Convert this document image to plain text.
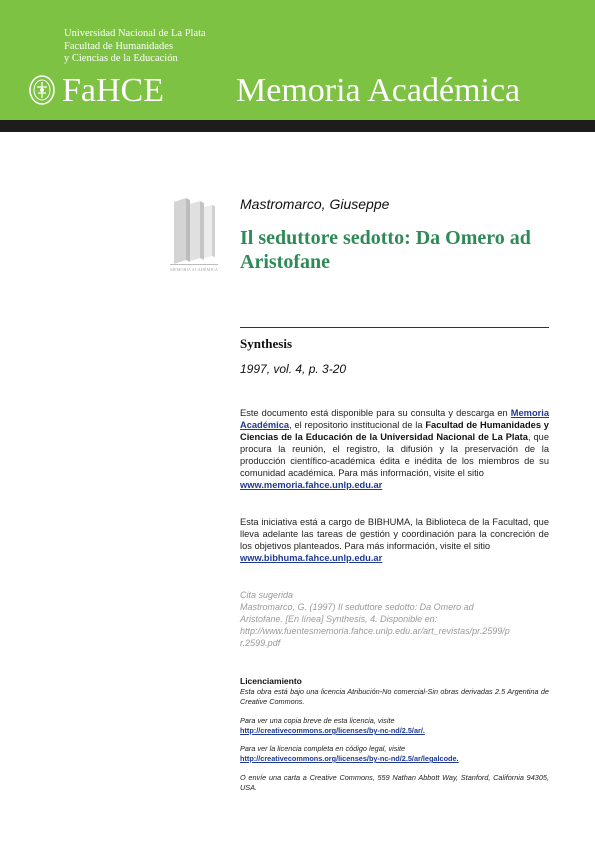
Universidad Nacional de La Plata
Facultad de Humanidades
y Ciencias de la Educación
FaHCE Memoria Académica
MEMORIA ACADÉMICA
Mastromarco, Giuseppe
Il seduttore sedotto: Da Omero ad Aristofane
Synthesis
1997, vol. 4, p. 3-20
Este documento está disponible para su consulta y descarga en Memoria Académica, el repositorio institucional de la Facultad de Humanidades y Ciencias de la Educación de la Universidad Nacional de La Plata, que procura la reunión, el registro, la difusión y la preservación de la producción científico-académica édita e inédita de los miembros de su comunidad académica. Para más información, visite el sitio
www.memoria.fahce.unlp.edu.ar
Esta iniciativa está a cargo de BIBHUMA, la Biblioteca de la Facultad, que lleva adelante las tareas de gestión y coordinación para la concreción de los objetivos planteados. Para más información, visite el sitio
www.bibhuma.fahce.unlp.edu.ar
Cita sugerida
Mastromarco, G. (1997) Il seduttore sedotto: Da Omero ad
Aristofane. [En línea] Synthesis, 4. Disponible en:
http://www.fuentesmemoria.fahce.unlp.edu.ar/art_revistas/pr.2599/p
r.2599.pdf
Licenciamiento
Esta obra está bajo una licencia Atribución-No comercial-Sin obras derivadas 2.5 Argentina de Creative Commons.
Para ver una copia breve de esta licencia, visite
http://creativecommons.org/licenses/by-nc-nd/2.5/ar/.
Para ver la licencia completa en código legal, visite
http://creativecommons.org/licenses/by-nc-nd/2.5/ar/legalcode.
O envíe una carta a Creative Commons, 559 Nathan Abbott Way, Stanford, California 94305, USA.
